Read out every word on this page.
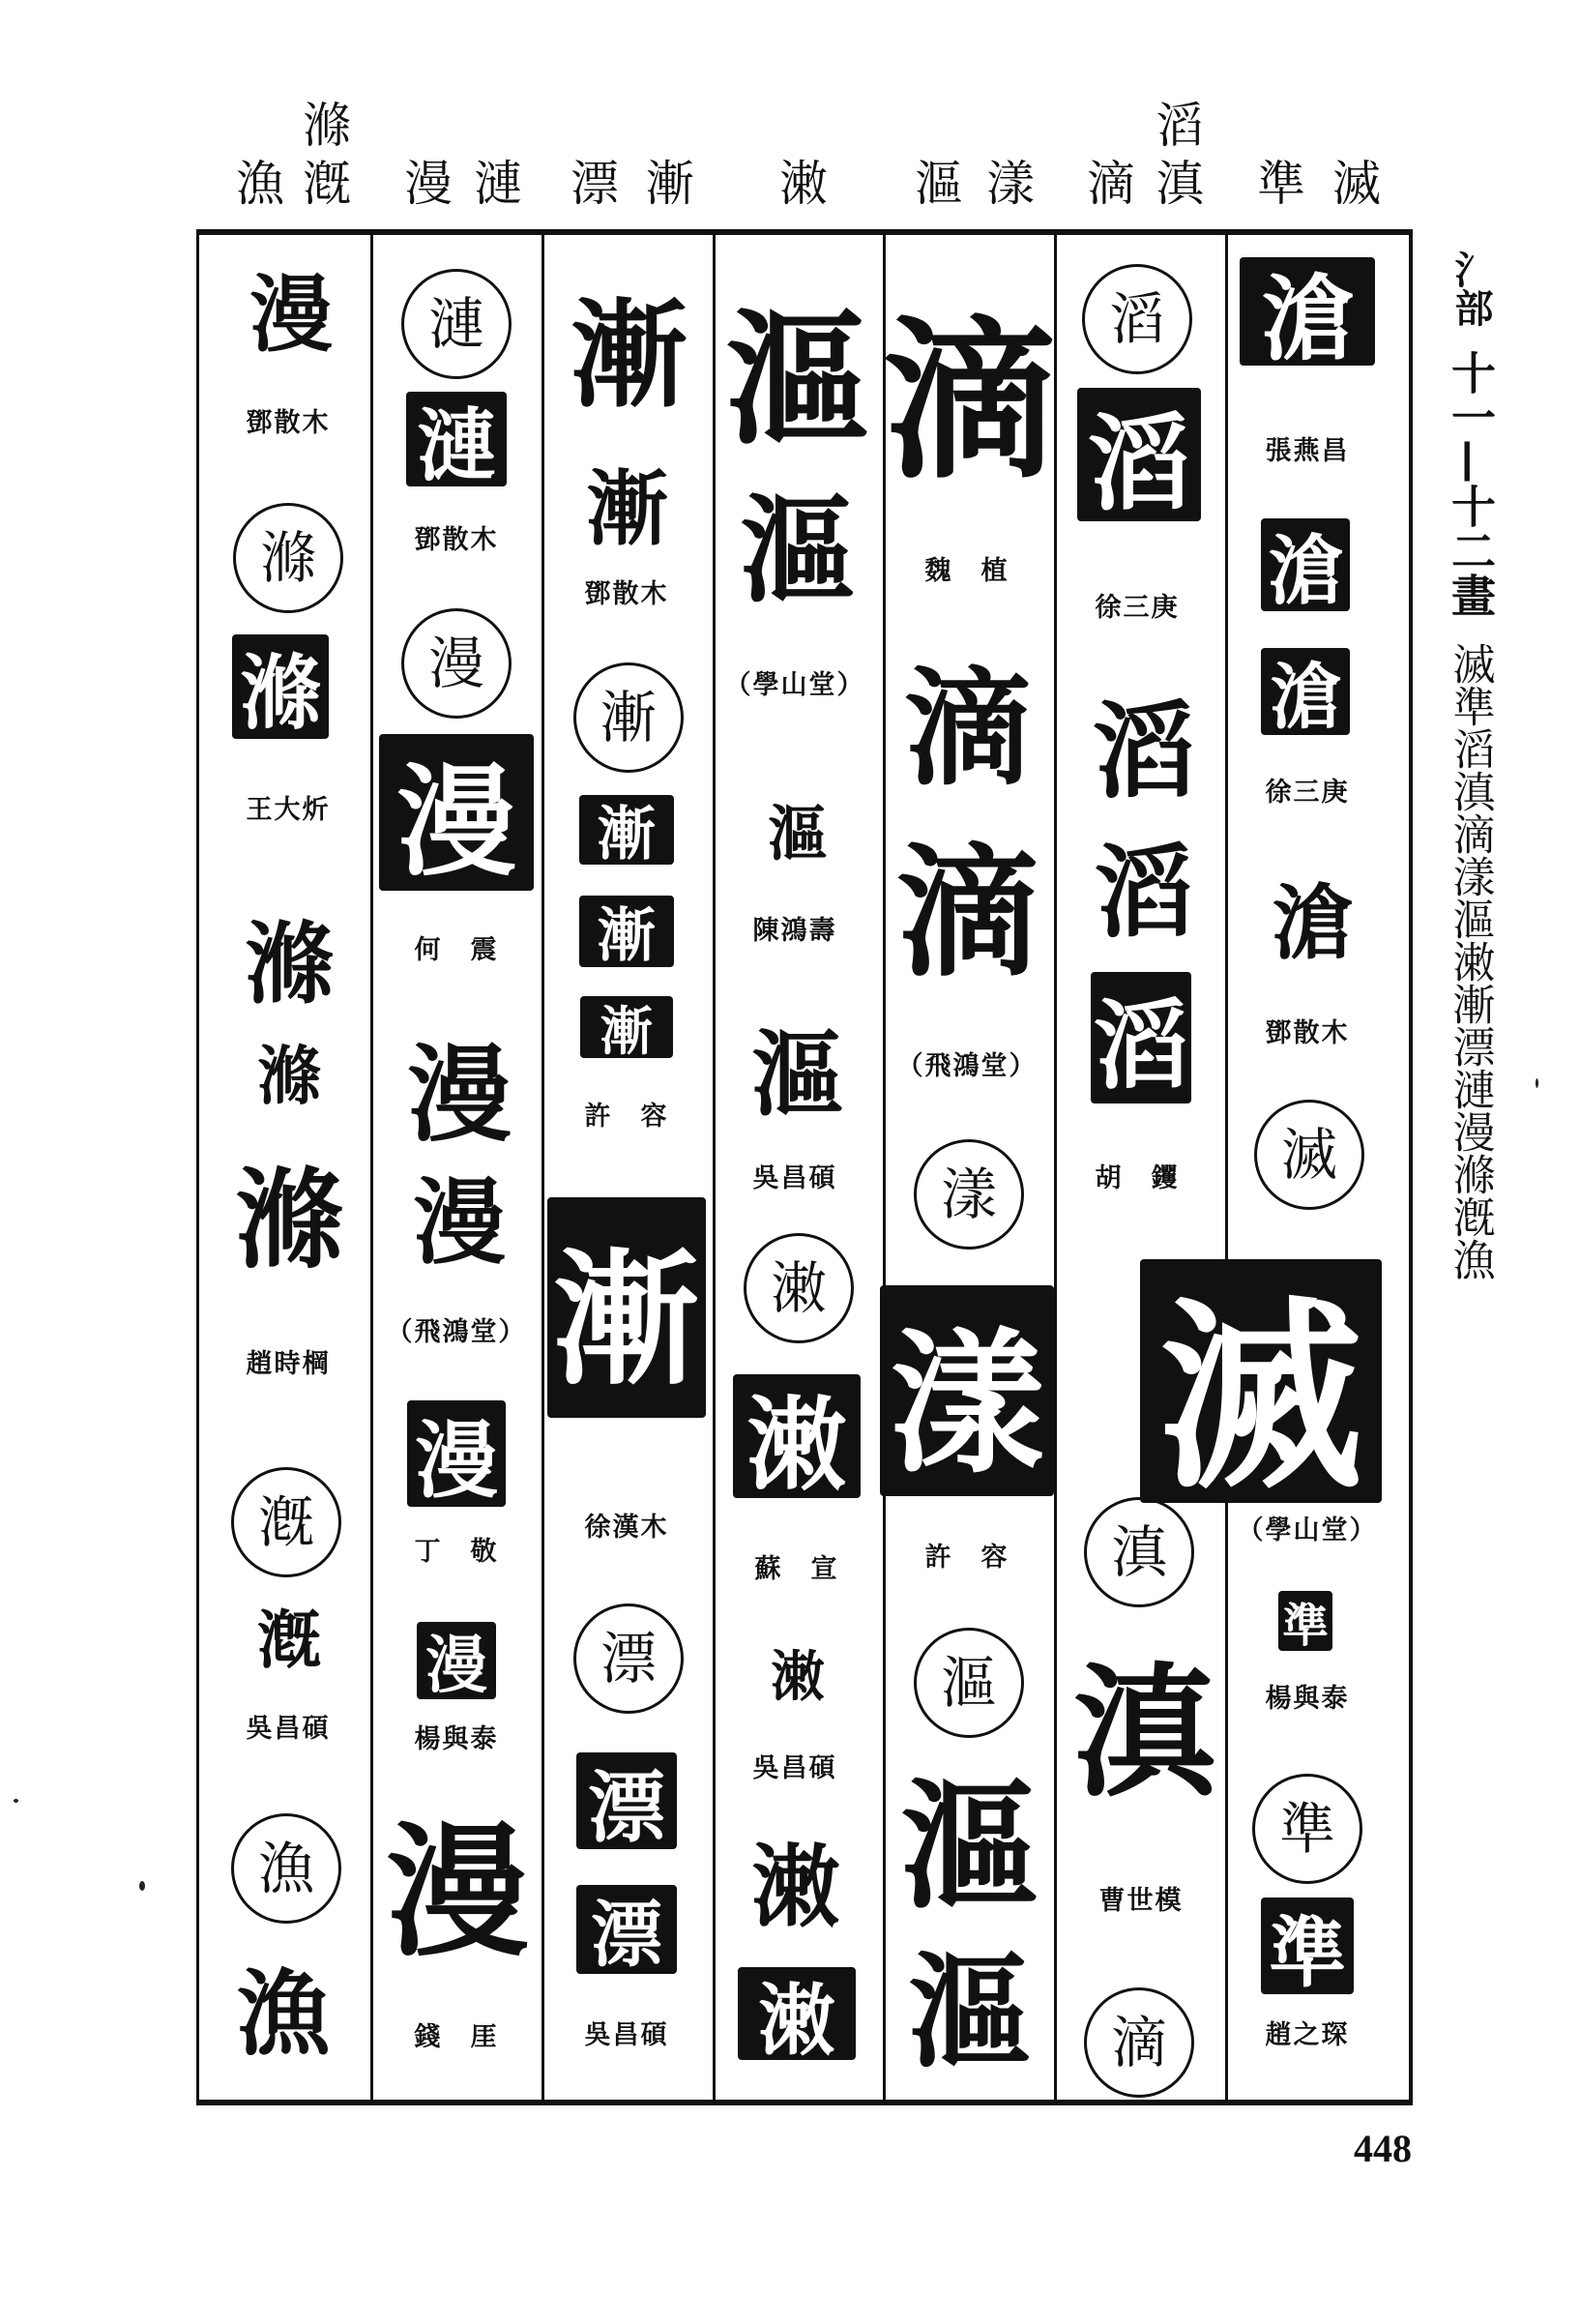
滌
漁 漑 漫 漣 漂 漸 潄 漚 漾
滔
滴 滇 準 滅
漫
鄧散木
滌
滌
王大炘
滌
滌
滌
趙時棡
漑
漑
吳昌碩
漁
漁
漣
漣
鄧散木
漫
漫
何　震
漫
漫
（飛鴻堂）
漫
丁　敬
漫
楊與泰
漫
錢　厓
漸
漸
鄧散木
漸
漸
漸
漸
許　容
漸
徐漢木
漂
漂
漂
吳昌碩
漚
漚
（學山堂）
漚
陳鴻壽
漚
吳昌碩
潄
潄
蘇　宣
潄
吳昌碩
潄
潄
滴
魏　植
滴
滴
（飛鴻堂）
漾
漾
許　容
漚
漚
漚
滔
滔
徐三庚
滔
滔
滔
胡　钁
滇
滇
曹世模
滴
滄
張燕昌
滄
滄
徐三庚
滄
鄧散木
滅
滅
（學山堂）
準
楊與泰
準
準
趙之琛
氵部
十一—十二畫
滅準滔滇滴漾漚潄漸漂漣漫滌漑漁
448
